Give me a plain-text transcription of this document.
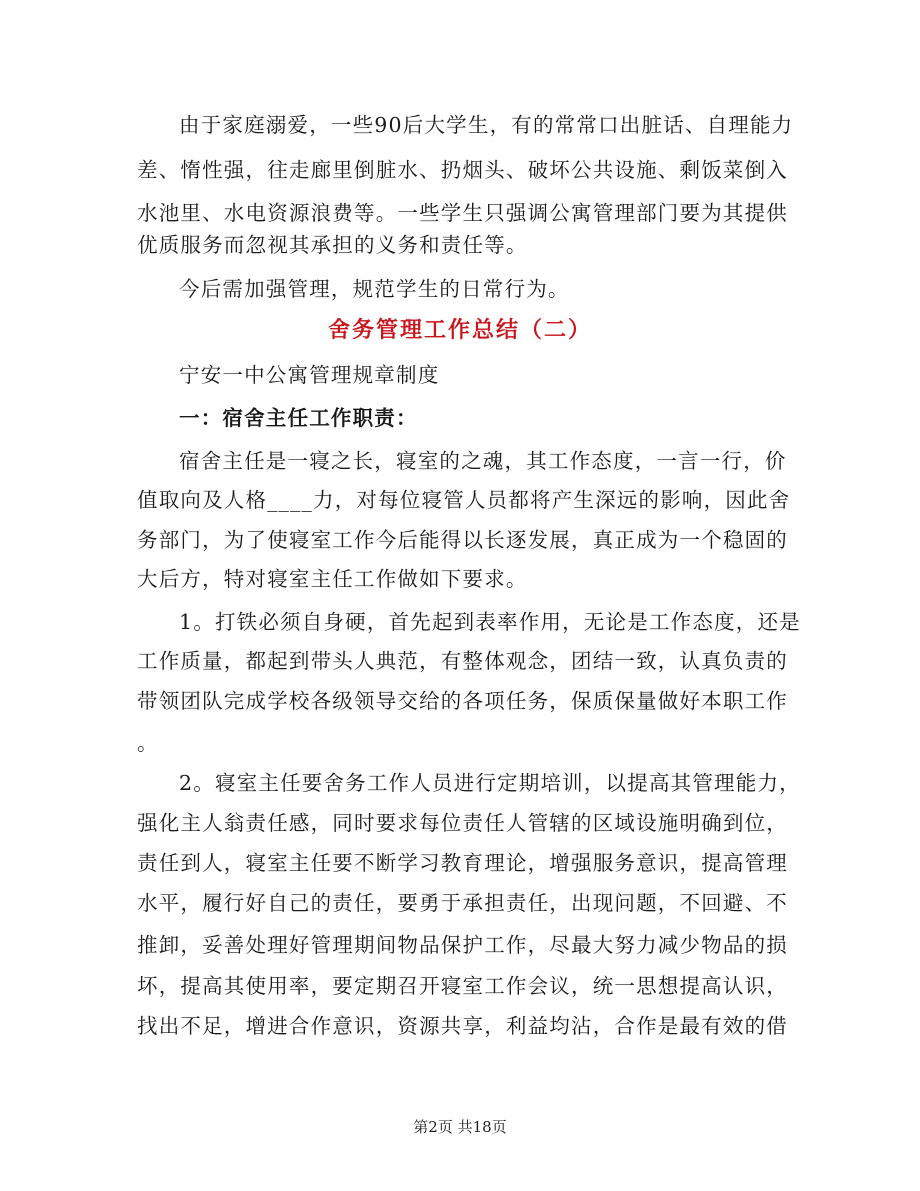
由于家庭溺爱，一些90后大学生，有的常常口出脏话、自理能力
差、惰性强，往走廊里倒脏水、扔烟头、破坏公共设施、剩饭菜倒入
水池里、水电资源浪费等。一些学生只强调公寓管理部门要为其提供
优质服务而忽视其承担的义务和责任等。
今后需加强管理，规范学生的日常行为。
舍务管理工作总结（二）
宁安一中公寓管理规章制度
一：宿舍主任工作职责：
宿舍主任是一寝之长，寝室的之魂，其工作态度，一言一行，价
值取向及人格____力，对每位寝管人员都将产生深远的影响，因此舍
务部门，为了使寝室工作今后能得以长逐发展，真正成为一个稳固的
大后方，特对寝室主任工作做如下要求。
1。打铁必须自身硬，首先起到表率作用，无论是工作态度，还是
工作质量，都起到带头人典范，有整体观念，团结一致，认真负责的
带领团队完成学校各级领导交给的各项任务，保质保量做好本职工作
。
2。寝室主任要舍务工作人员进行定期培训，以提高其管理能力，
强化主人翁责任感，同时要求每位责任人管辖的区域设施明确到位，
责任到人，寝室主任要不断学习教育理论，增强服务意识，提高管理
水平，履行好自己的责任，要勇于承担责任，出现问题，不回避、不
推卸，妥善处理好管理期间物品保护工作，尽最大努力减少物品的损
坏，提高其使用率，要定期召开寝室工作会议，统一思想提高认识，
找出不足，增进合作意识，资源共享，利益均沾，合作是最有效的借
第2页 共18页
